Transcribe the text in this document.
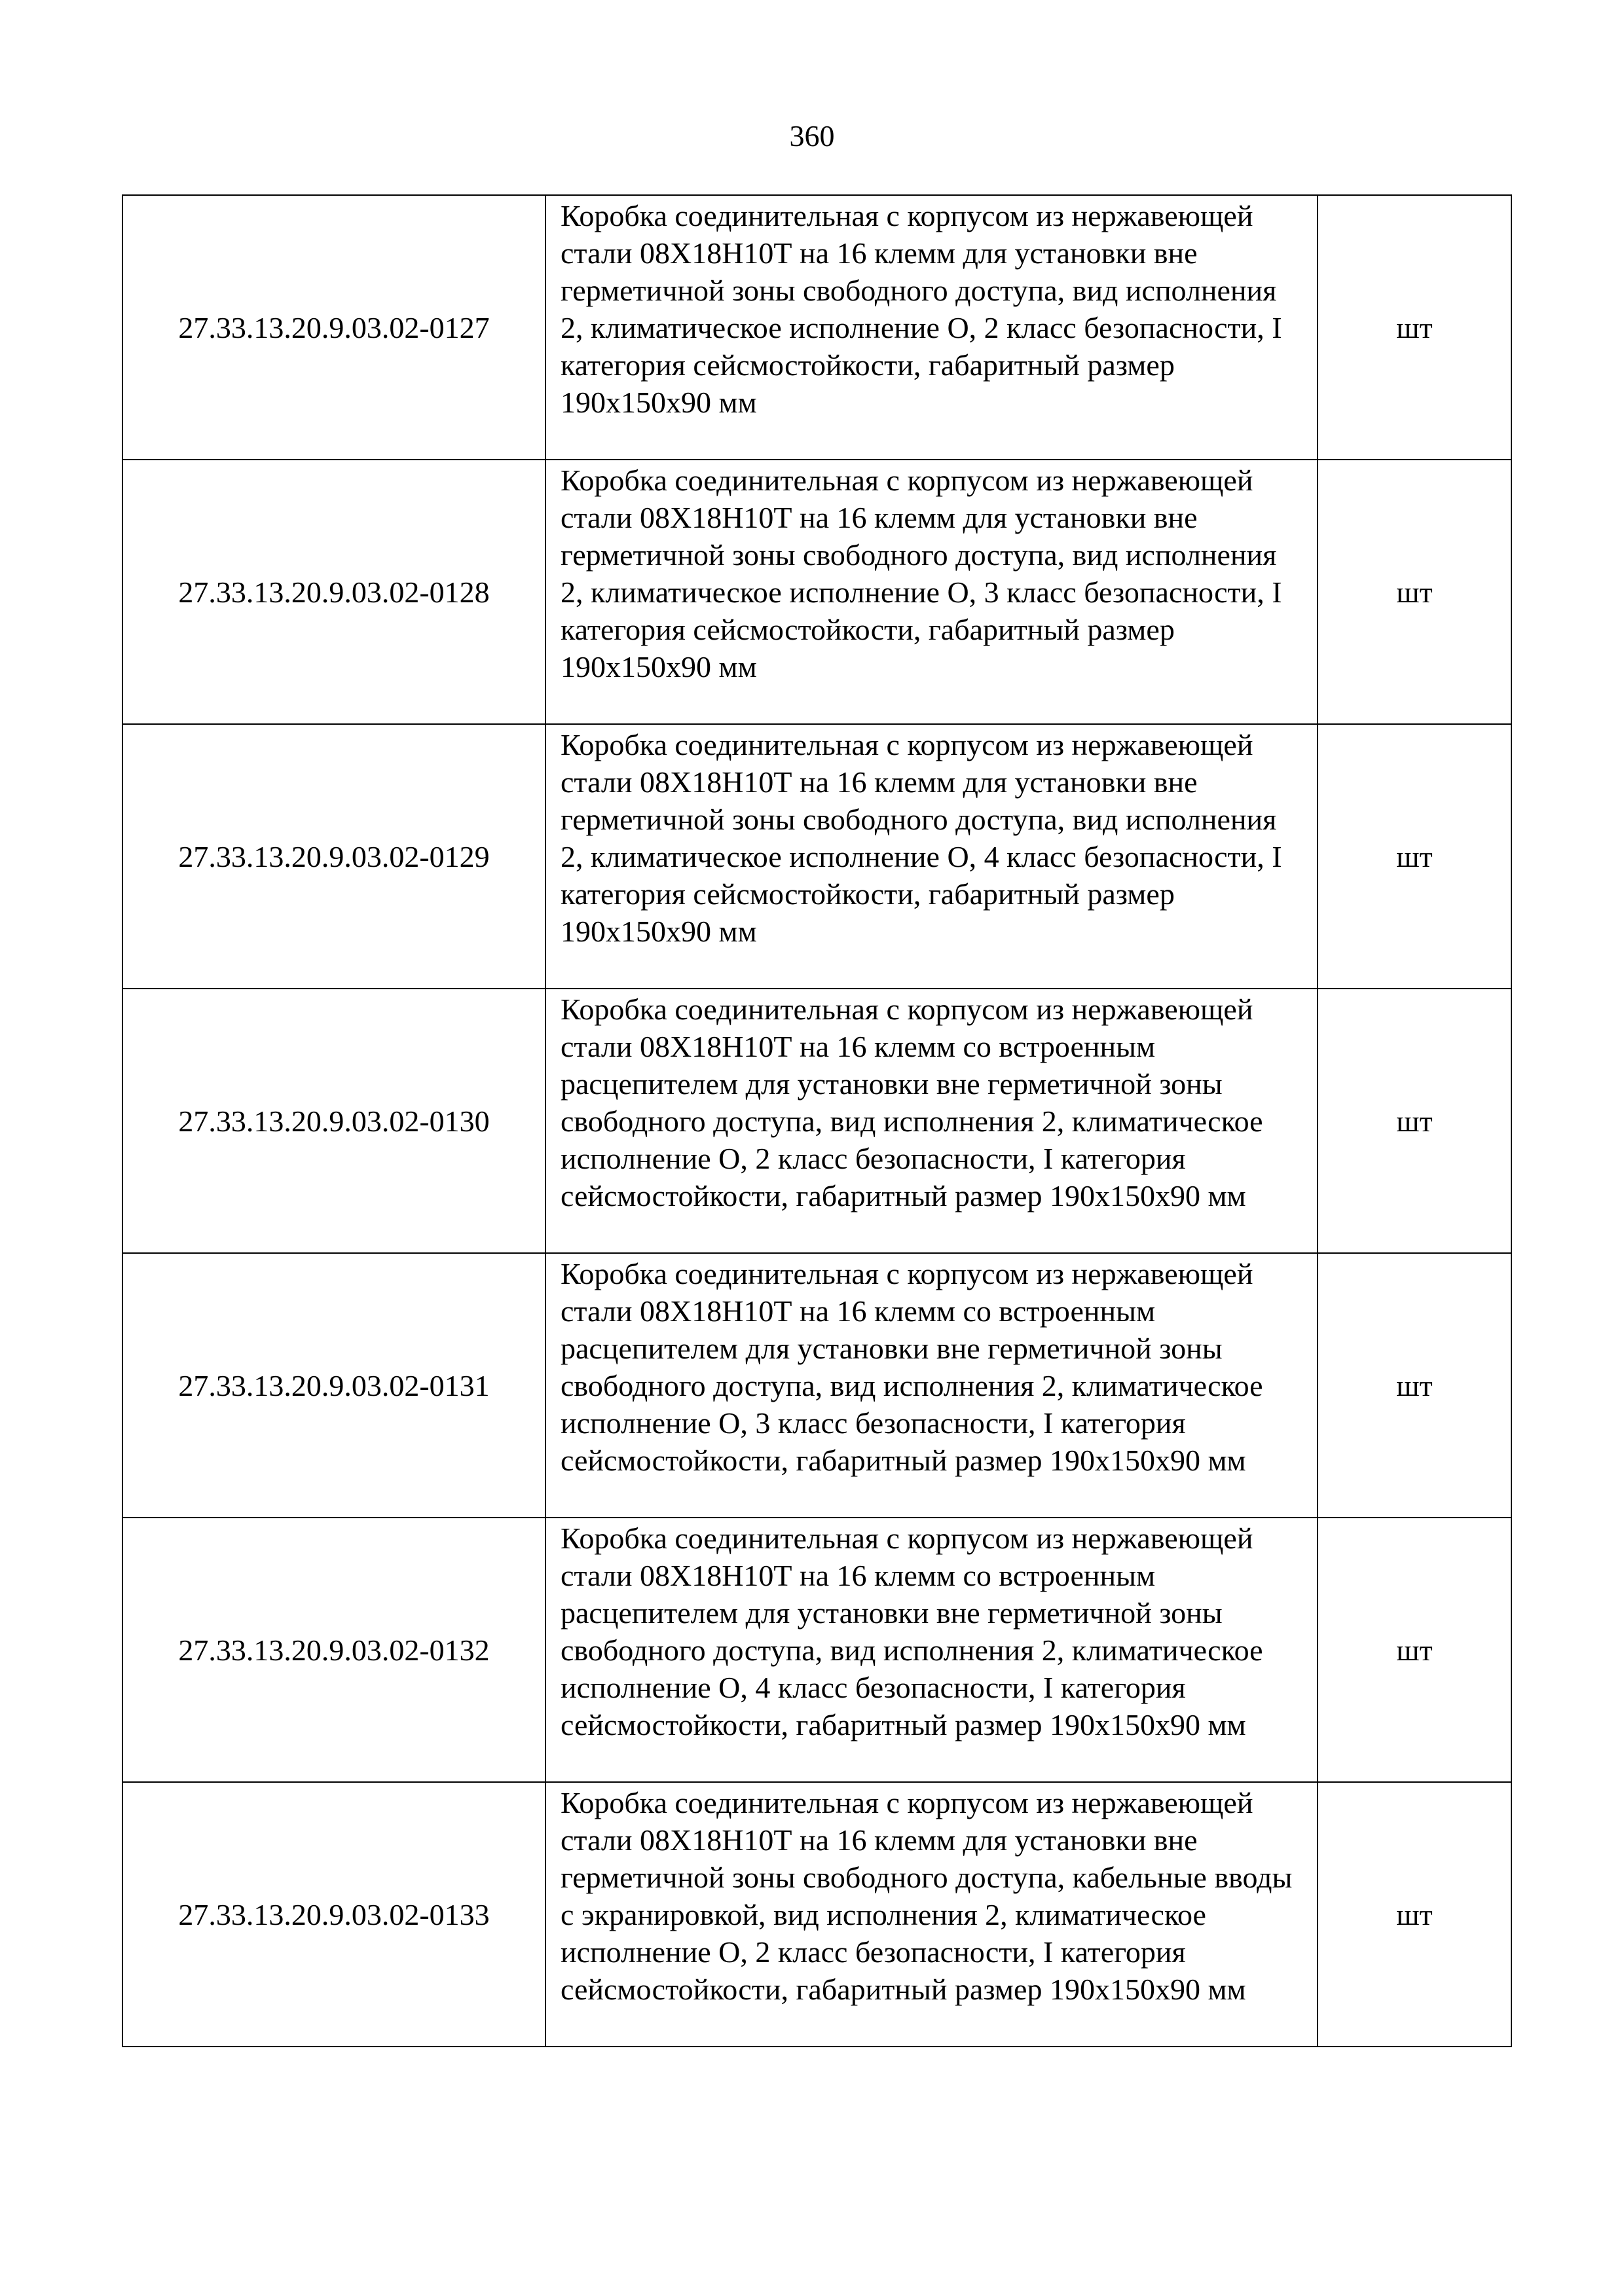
360
27.33.13.20.9.03.02-0127	Коробка соединительная с корпусом из нержавеющей стали 08Х18Н10Т на 16 клемм для установки вне герметичной зоны свободного доступа, вид исполнения 2, климатическое исполнение О, 2 класс безопасности, I категория сейсмостойкости, габаритный размер 190х150х90 мм	шт
27.33.13.20.9.03.02-0128	Коробка соединительная с корпусом из нержавеющей стали 08Х18Н10Т на 16 клемм для установки вне герметичной зоны свободного доступа, вид исполнения 2, климатическое исполнение О, 3 класс безопасности, I категория сейсмостойкости, габаритный размер 190х150х90 мм	шт
27.33.13.20.9.03.02-0129	Коробка соединительная с корпусом из нержавеющей стали 08Х18Н10Т на 16 клемм для установки вне герметичной зоны свободного доступа, вид исполнения 2, климатическое исполнение О, 4 класс безопасности, I категория сейсмостойкости, габаритный размер 190х150х90 мм	шт
27.33.13.20.9.03.02-0130	Коробка соединительная с корпусом из нержавеющей стали 08Х18Н10Т на 16 клемм со встроенным расцепителем для установки вне герметичной зоны свободного доступа, вид исполнения 2, климатическое исполнение О, 2 класс безопасности, I категория сейсмостойкости, габаритный размер 190х150х90 мм	шт
27.33.13.20.9.03.02-0131	Коробка соединительная с корпусом из нержавеющей стали 08Х18Н10Т на 16 клемм со встроенным расцепителем для установки вне герметичной зоны свободного доступа, вид исполнения 2, климатическое исполнение О, 3 класс безопасности, I категория сейсмостойкости, габаритный размер 190х150х90 мм	шт
27.33.13.20.9.03.02-0132	Коробка соединительная с корпусом из нержавеющей стали 08Х18Н10Т на 16 клемм со встроенным расцепителем для установки вне герметичной зоны свободного доступа, вид исполнения 2, климатическое исполнение О, 4 класс безопасности, I категория сейсмостойкости, габаритный размер 190х150х90 мм	шт
27.33.13.20.9.03.02-0133	Коробка соединительная с корпусом из нержавеющей стали 08Х18Н10Т на 16 клемм для установки вне герметичной зоны свободного доступа, кабельные вводы с экранировкой, вид исполнения 2, климатическое исполнение О, 2 класс безопасности, I категория сейсмостойкости, габаритный размер 190х150х90 мм	шт
